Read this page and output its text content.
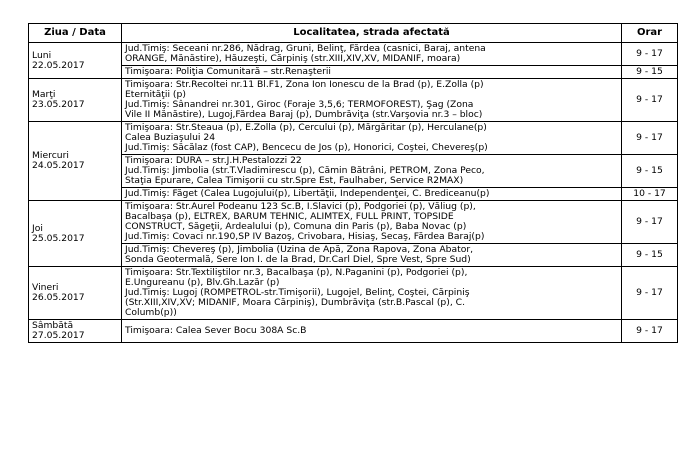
Ziua / Data	Localitatea, strada afectată	Orar

Luni
22.05.2017	Jud.Timiş: Seceani nr.286, Nădrag, Gruni, Belinţ, Fărdea (casnici, Baraj, antena
ORANGE, Mănăstire), Hăuzeşti, Cărpiniş (str.XIII,XIV,XV, MIDANIF, moara)	9 - 17

	Timişoara: Poliţia Comunitară – str.Renaşterii	9 - 15

Marţi
23.05.2017	Timişoara: Str.Recoltei nr.11 Bl.F1, Zona Ion Ionescu de la Brad (p), E.Zolla (p)
Eternităţii (p)
Jud.Timiş: Sânandrei nr.301, Giroc (Foraje 3,5,6; TERMOFOREST), Şag (Zona
Vile II Mănăstire), Lugoj,Fărdea Baraj (p), Dumbrăviţa (str.Varşovia nr.3 – bloc)	9 - 17

Miercuri
24.05.2017	Timişoara: Str.Steaua (p), E.Zolla (p), Cercului (p), Mărgăritar (p), Herculane(p)
Calea Buziaşului 24
Jud.Timiş: Săcălaz (fost CAP), Bencecu de Jos (p), Honorici, Coştei, Chevereş(p)	9 - 17

	Timişoara: DURA – str.J.H.Pestalozzi 22
Jud.Timiş: Jimbolia (str.T.Vladimirescu (p), Cămin Bătrâni, PETROM, Zona Peco,
Staţia Epurare, Calea Timişorii cu str.Spre Est, Faulhaber, Service R2MAX)	9 - 15

	Jud.Timiş: Făget (Calea Lugojului(p), Libertăţii, Independenţei, C. Brediceanu(p)	10 - 17

Joi
25.05.2017	Timişoara: Str.Aurel Podeanu 123 Sc.B, I.Slavici (p), Podgoriei (p), Văliug (p),
Bacalbaşa (p), ELTREX, BARUM TEHNIC, ALIMTEX, FULL PRINT, TOPSIDE
CONSTRUCT, Săgeţii, Ardealului (p), Comuna din Paris (p), Baba Novac (p)
Jud.Timiş: Covaci nr.190,SP IV Bazoş, Crivobara, Hisiaş, Secaş, Fărdea Baraj(p)	9 - 17

	Jud.Timiş: Chevereş (p), Jimbolia (Uzina de Apă, Zona Rapova, Zona Abator,
Sonda Geotermală, Sere Ion I. de la Brad, Dr.Carl Diel, Spre Vest, Spre Sud)	9 - 15

Vineri
26.05.2017	Timişoara: Str.Textiliştilor nr.3, Bacalbaşa (p), N.Paganini (p), Podgoriei (p),
E.Ungureanu (p), Blv.Gh.Lazăr (p)
Jud.Timiş: Lugoj (ROMPETROL-str.Timişorii), Lugojel, Belinţ, Coştei, Cărpiniş
(Str.XIII,XIV,XV; MIDANIF, Moara Cărpiniş), Dumbrăviţa (str.B.Pascal (p), C.
Columb(p))	9 - 17

Sâmbătă
27.05.2017	Timişoara: Calea Sever Bocu 308A Sc.B	9 - 17
